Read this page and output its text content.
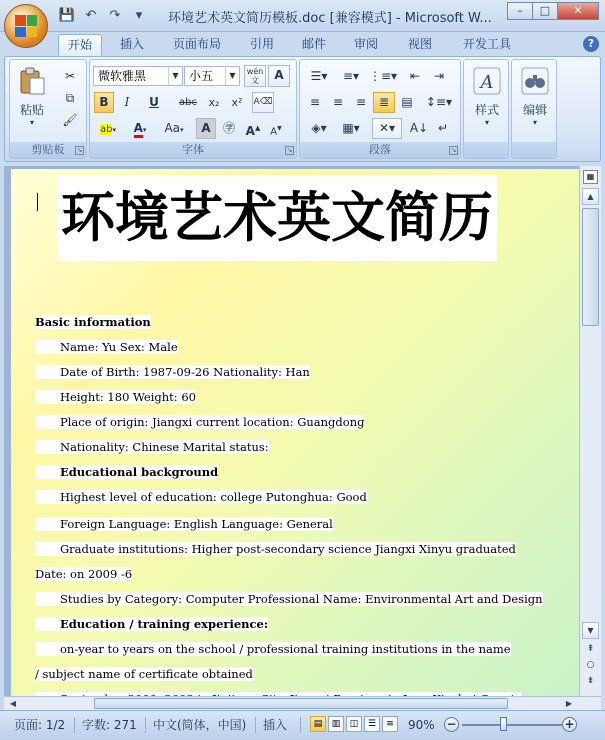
💾 ↶ ↷	▾	环境艺术英文简历模板.doc [兼容模式] - Microsoft W...
–	□	✕
开始	插入	页面布局	引用	邮件	审阅	视图	开发工具	?
粘贴
▾
✂
⧉
🖌
剪贴板	↘
微软雅黑	▼ 小五	▼	wén
文	A
B	I	U	abc	x₂	x²	A⌫
ab▾	A▾	Aa▾	A	㊫ A▲ A▼
字体	↘
☰▾	≡▾ ⋮≡▾	⇤	⇥
≡	≡	≡	≣	▤	↕≡▾
◈▾	▦▾	✕▾	A↓ ↵
段落	↘
A
样式
▾
编辑
▾
环境艺术英文简历
Basic information
Name: Yu Sex: Male
Date of Birth: 1987-09-26 Nationality: Han
Height: 180 Weight: 60
Place of origin: Jiangxi current location: Guangdong
Nationality: Chinese Marital status:
Educational background
Highest level of education: college Putonghua: Good
Foreign Language: English Language: General
Graduate institutions: Higher post-secondary science Jiangxi Xinyu graduated
Date: on 2009 -6
Studies by Category: Computer Professional Name: Environmental Art and Design
Education / training experience:
on-year to years on the school / professional training institutions in the name
/ subject name of certificate obtained
▦
▲
⇞
○
⇟
▼
◀	▶
页面: 1/2 字数: 271 中文(简体，中国) 插入	▤	▥	◫	☰	≡	90% −	+
